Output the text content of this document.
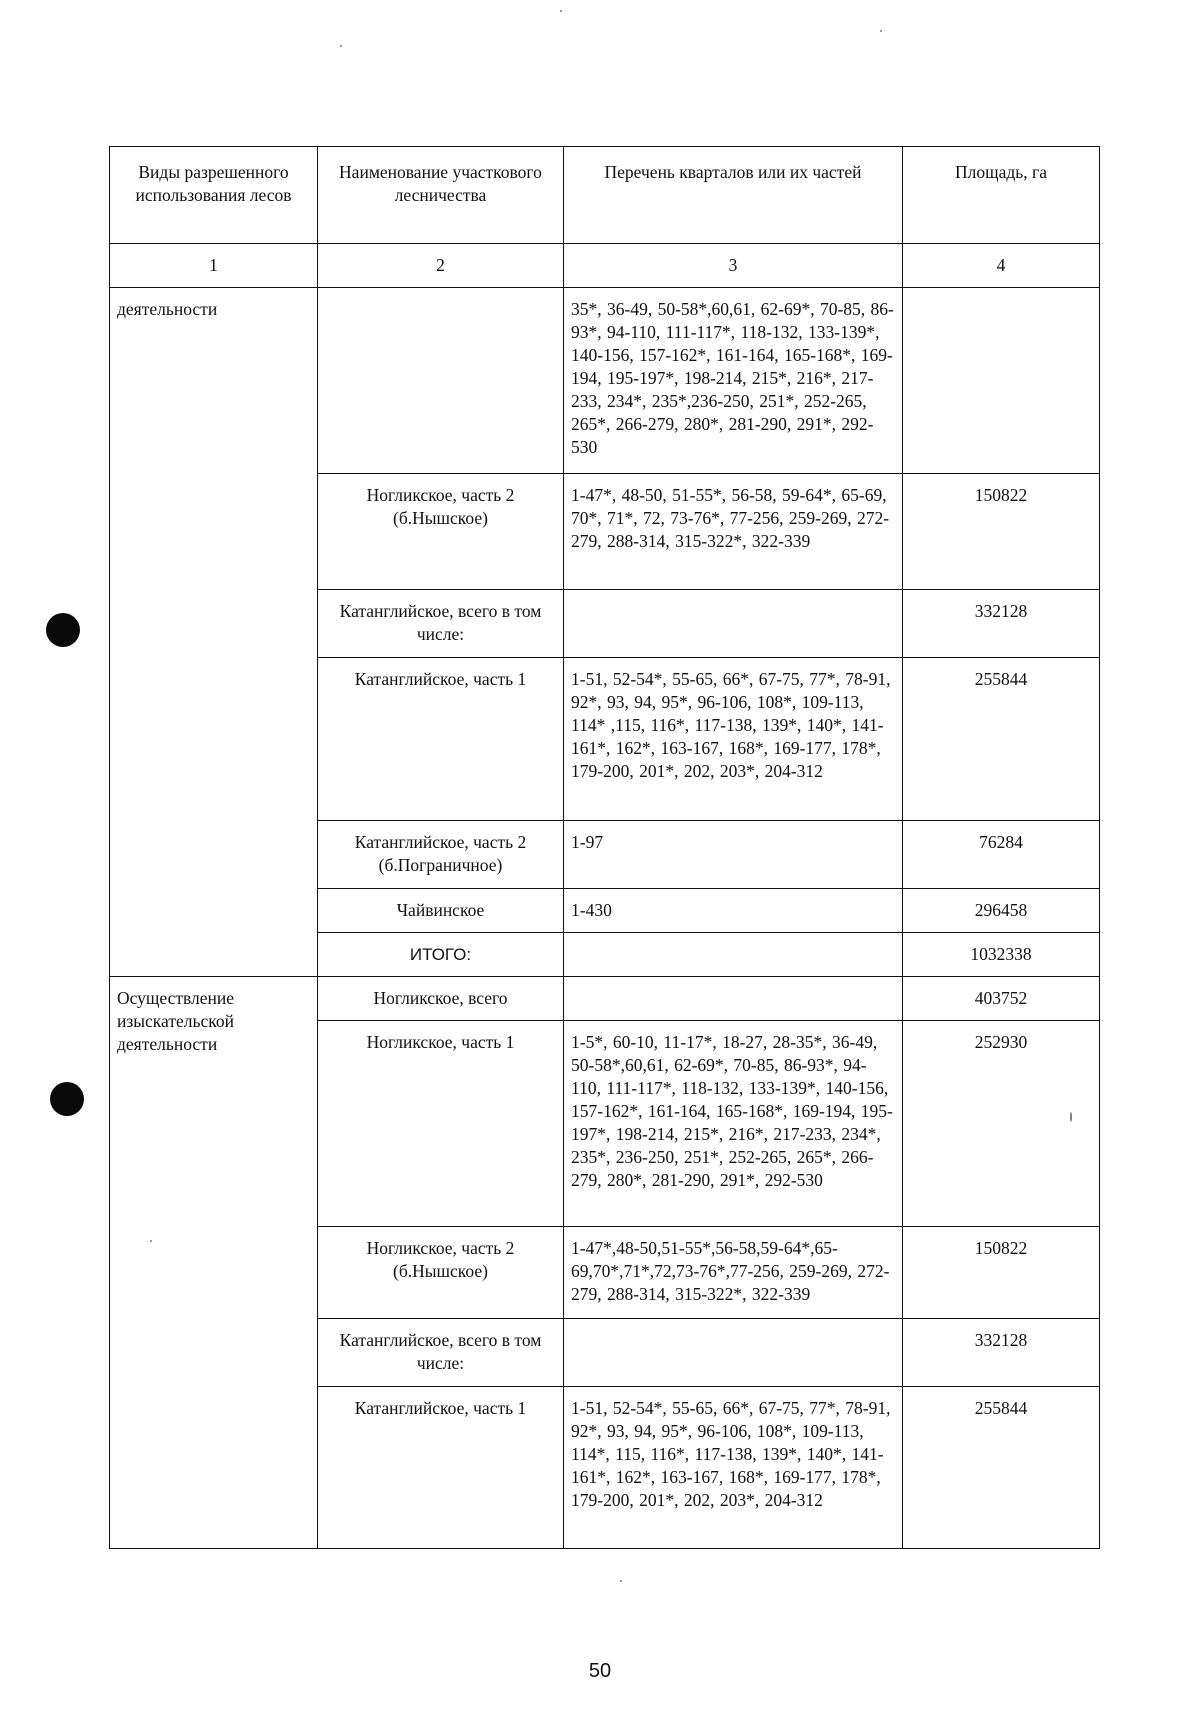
Виды разрешенного использования лесов	Наименование участкового лесничества	Перечень кварталов или их частей	Площадь, га
1	2	3	4
деятельности		35*, 36-49, 50-58*,60,61, 62-69*, 70-85, 86-93*, 94-110, 111-117*, 118-132, 133-139*, 140-156, 157-162*, 161-164, 165-168*, 169-194, 195-197*, 198-214, 215*, 216*, 217-233, 234*, 235*,236-250, 251*, 252-265, 265*, 266-279, 280*, 281-290, 291*, 292-530	
	Ногликское, часть 2 (б.Нышское)	1-47*, 48-50, 51-55*, 56-58, 59-64*, 65-69, 70*, 71*, 72, 73-76*, 77-256, 259-269, 272-279, 288-314, 315-322*, 322-339	150822
	Катанглийское, всего в том числе:		332128
	Катанглийское, часть 1	1-51, 52-54*, 55-65, 66*, 67-75, 77*, 78-91, 92*, 93, 94, 95*, 96-106, 108*, 109-113, 114* ,115, 116*, 117-138, 139*, 140*, 141-161*, 162*, 163-167, 168*, 169-177, 178*, 179-200, 201*, 202, 203*, 204-312	255844
	Катанглийское, часть 2 (б.Пограничное)	1-97	76284
	Чайвинское	1-430	296458
	ИТОГО:		1032338
Осуществление изыскательской деятельности	Ногликское, всего		403752
	Ногликское, часть 1	1-5*, 60-10, 11-17*, 18-27, 28-35*, 36-49, 50-58*,60,61, 62-69*, 70-85, 86-93*, 94-110, 111-117*, 118-132, 133-139*, 140-156, 157-162*, 161-164, 165-168*, 169-194, 195-197*, 198-214, 215*, 216*, 217-233, 234*, 235*, 236-250, 251*, 252-265, 265*, 266-279, 280*, 281-290, 291*, 292-530	252930
	Ногликское, часть 2 (б.Нышское)	1-47*,48-50,51-55*,56-58,59-64*,65-69,70*,71*,72,73-76*,77-256, 259-269, 272-279, 288-314, 315-322*, 322-339	150822
	Катанглийское, всего в том числе:		332128
	Катанглийское, часть 1	1-51, 52-54*, 55-65, 66*, 67-75, 77*, 78-91, 92*, 93, 94, 95*, 96-106, 108*, 109-113, 114*, 115, 116*, 117-138, 139*, 140*, 141-161*, 162*, 163-167, 168*, 169-177, 178*, 179-200, 201*, 202, 203*, 204-312	255844
50
